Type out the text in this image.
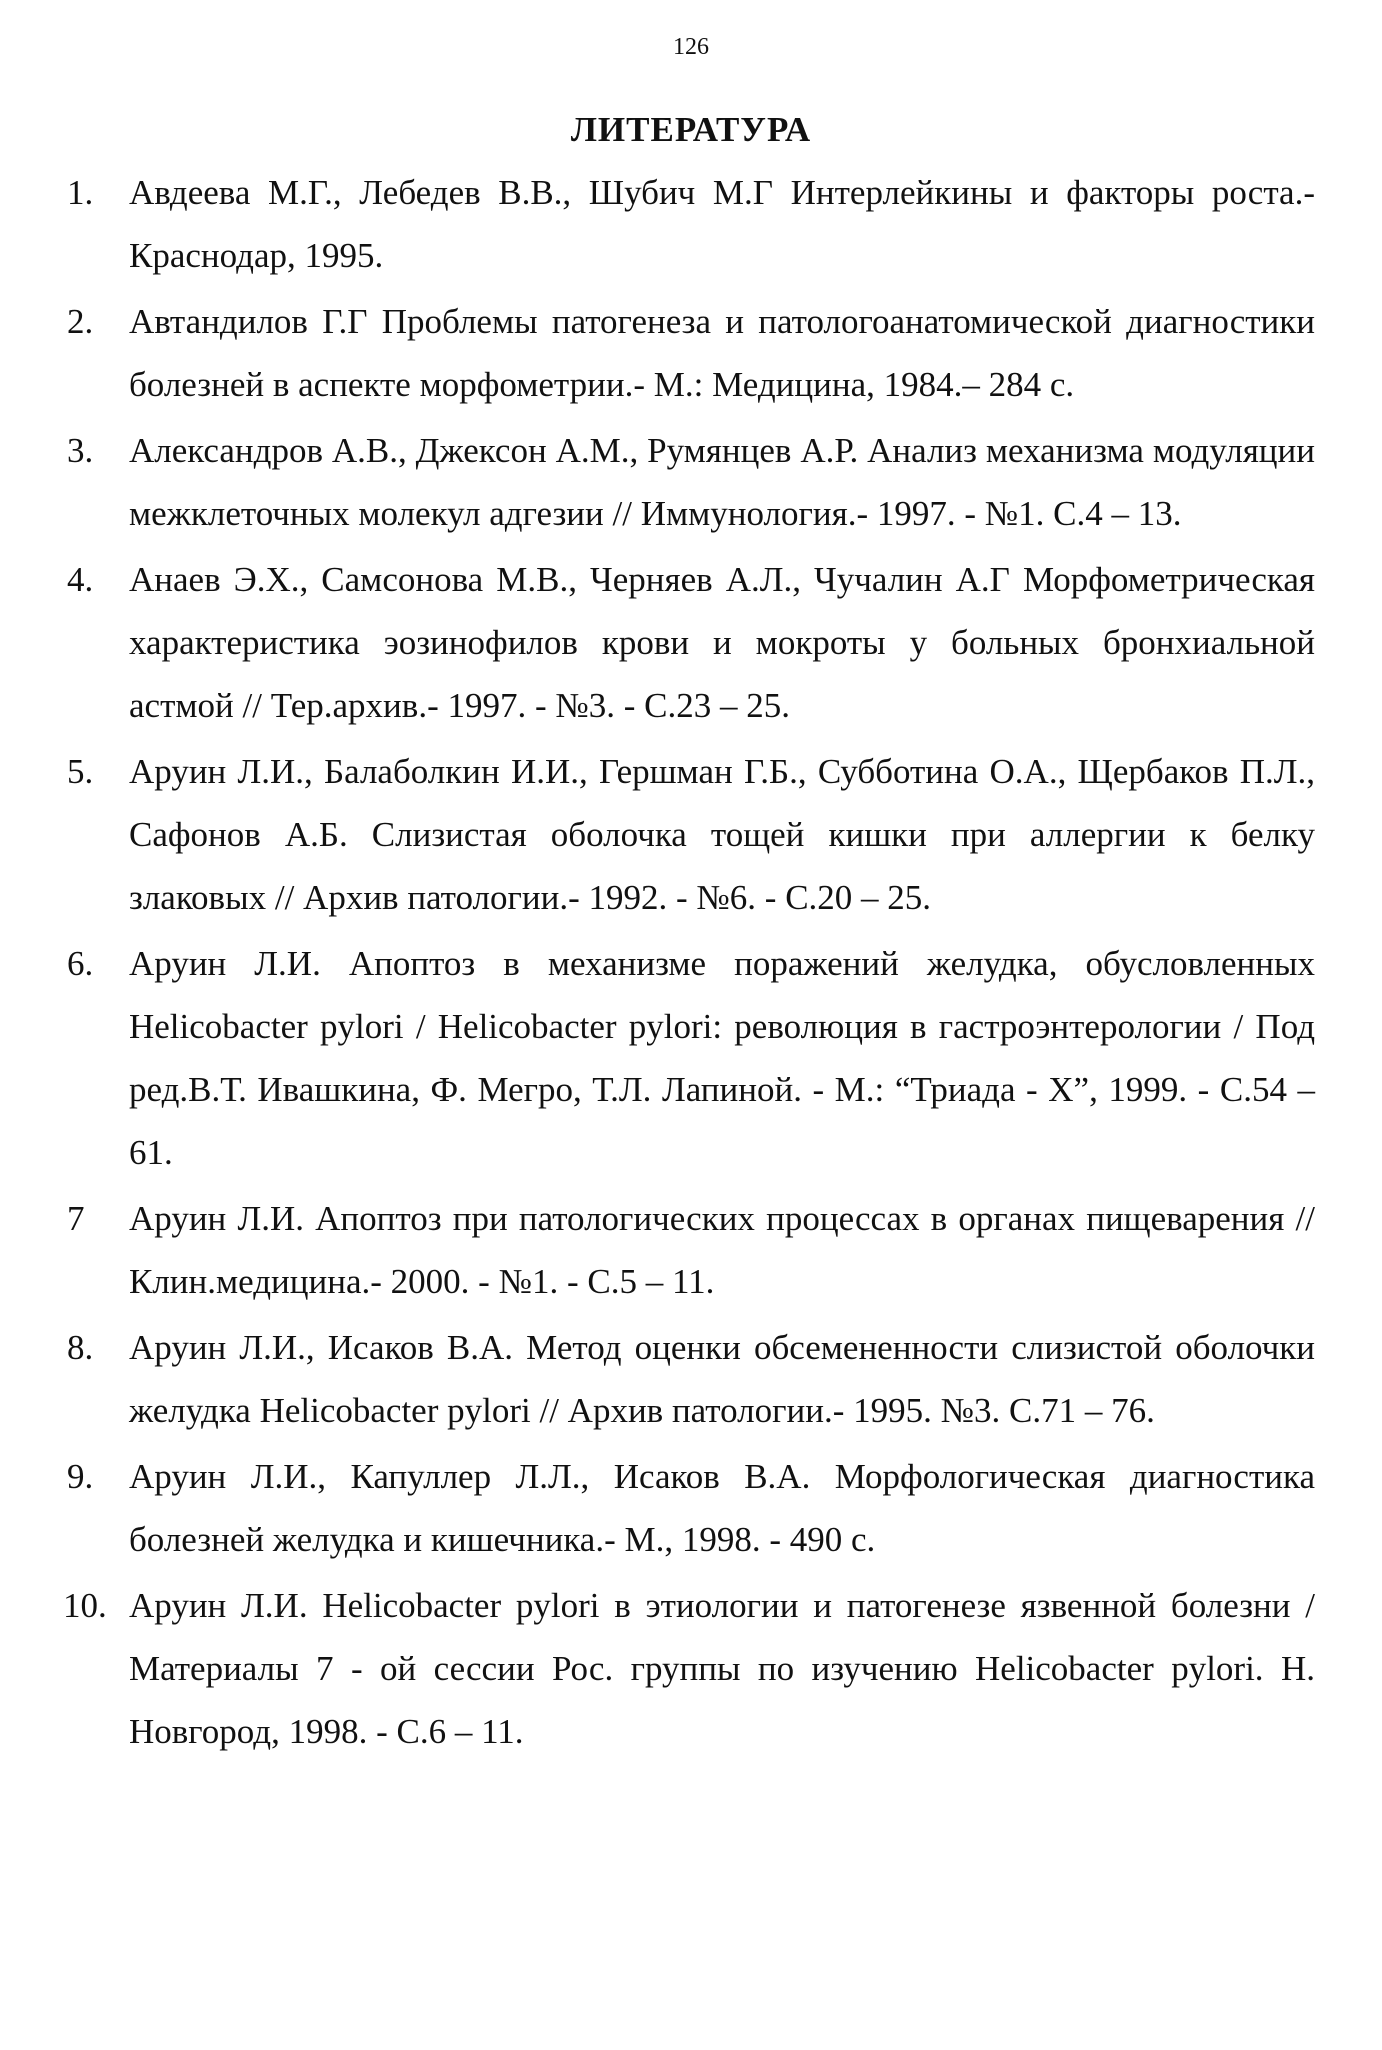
126
ЛИТЕРАТУРА
1. Авдеева М.Г., Лебедев В.В., Шубич М.Г Интерлейкины и факторы роста.- Краснодар, 1995.
2. Автандилов Г.Г Проблемы патогенеза и патологоанатомической диагностики болезней в аспекте морфометрии.- М.: Медицина, 1984.– 284 с.
3. Александров А.В., Джексон А.М., Румянцев А.Р. Анализ механизма модуляции межклеточных молекул адгезии // Иммунология.- 1997. - №1. С.4 – 13.
4. Анаев Э.Х., Самсонова М.В., Черняев А.Л., Чучалин А.Г Морфометрическая характеристика эозинофилов крови и мокроты у больных бронхиальной астмой // Тер.архив.- 1997. - №3. - С.23 – 25.
5. Аруин Л.И., Балаболкин И.И., Гершман Г.Б., Субботина О.А., Щербаков П.Л., Сафонов А.Б. Слизистая оболочка тощей кишки при аллергии к белку злаковых // Архив патологии.- 1992. - №6. - С.20 – 25.
6. Аруин Л.И. Апоптоз в механизме поражений желудка, обусловленных Helicobacter pylori / Helicobacter pylori: революция в гастроэнтерологии / Под ред.В.Т. Ивашкина, Ф. Мегро, Т.Л. Лапиной. - М.: “Триада - Х”, 1999. - С.54 – 61.
7 Аруин Л.И. Апоптоз при патологических процессах в органах пищеварения // Клин.медицина.- 2000. - №1. - С.5 – 11.
8. Аруин Л.И., Исаков В.А. Метод оценки обсемененности слизистой оболочки желудка Helicobacter pylori // Архив патологии.- 1995. №3. С.71 – 76.
9. Аруин Л.И., Капуллер Л.Л., Исаков В.А. Морфологическая диагностика болезней желудка и кишечника.- М., 1998. - 490 с.
10. Аруин Л.И. Helicobacter pylori в этиологии и патогенезе язвенной болезни / Материалы 7 - ой сессии Рос. группы по изучению Helicobacter pylori. Н. Новгород, 1998. - С.6 – 11.
